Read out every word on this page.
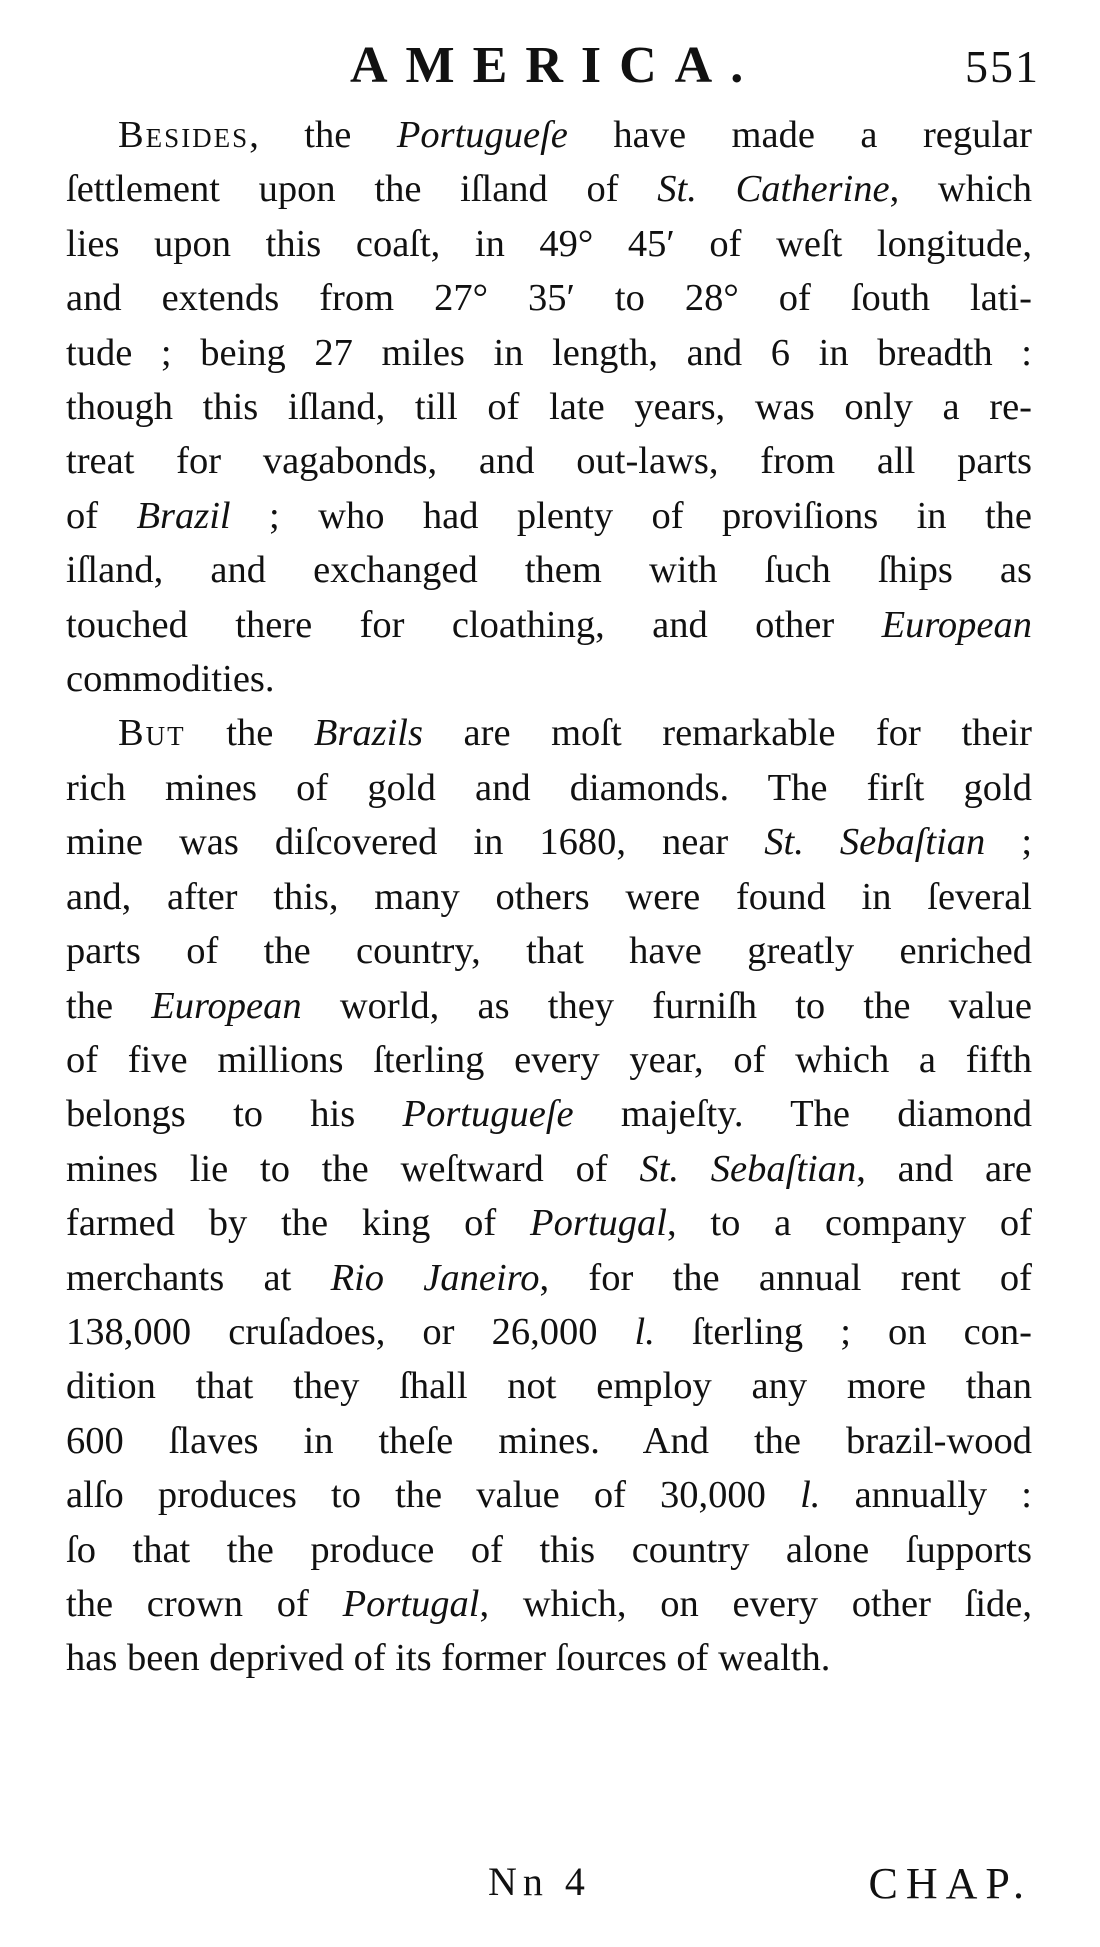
AMERICA.	551
Besides, the Portugueſe have made a regular
ſettlement upon the iſland of St. Catherine, which
lies upon this coaſt, in 49° 45′ of weſt longitude,
and extends from 27° 35′ to 28° of ſouth lati-
tude ; being 27 miles in length, and 6 in breadth :
though this iſland, till of late years, was only a re-
treat for vagabonds, and out-laws, from all parts
of Brazil ; who had plenty of proviſions in the
iſland, and exchanged them with ſuch ſhips as
touched there for cloathing, and other European
commodities.
But the Brazils are moſt remarkable for their
rich mines of gold and diamonds. The firſt gold
mine was diſcovered in 1680, near St. Sebaſtian ;
and, after this, many others were found in ſeveral
parts of the country, that have greatly enriched
the European world, as they furniſh to the value
of five millions ſterling every year, of which a fifth
belongs to his Portugueſe majeſty. The diamond
mines lie to the weſtward of St. Sebaſtian, and are
farmed by the king of Portugal, to a company of
merchants at Rio Janeiro, for the annual rent of
138,000 cruſadoes, or 26,000 l. ſterling ; on con-
dition that they ſhall not employ any more than
600 ſlaves in theſe mines. And the brazil-wood
alſo produces to the value of 30,000 l. annually :
ſo that the produce of this country alone ſupports
the crown of Portugal, which, on every other ſide,
has been deprived of its former ſources of wealth.
Nn 4	CHAP.
